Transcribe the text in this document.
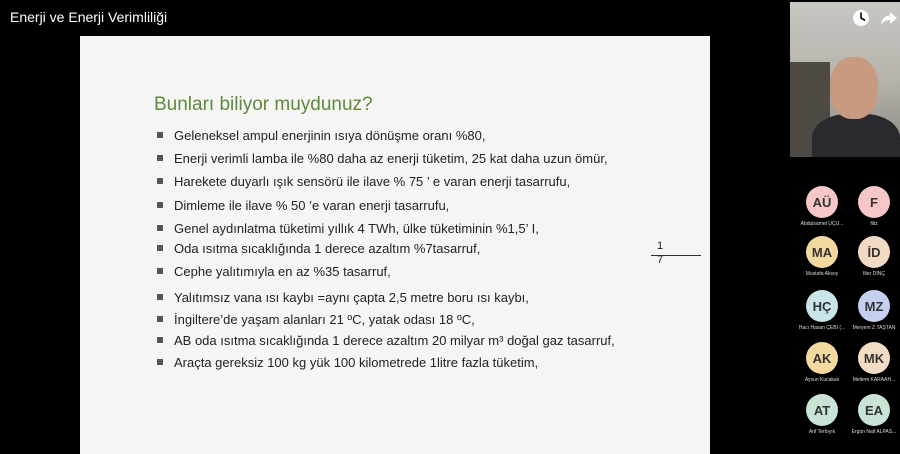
Enerji ve Enerji Verimliliği
Bunları biliyor muydunuz?
Geleneksel ampul enerjinin ısıya dönüşme oranı %80,
Enerji verimli lamba ile %80 daha az enerji tüketim, 25 kat daha uzun ömür,
Harekete duyarlı ışık sensörü ile ilave % 75 ’ e varan enerji tasarrufu,
Dimleme ile ilave % 50 ’e varan enerji tasarrufu,
Genel aydınlatma tüketimi yıllık 4 TWh, ülke tüketiminin %1,5’ I,
Oda ısıtma sıcaklığında 1 derece azaltım %7tasarruf,
Cephe yalıtımıyla en az %35 tasarruf,
Yalıtımsız vana ısı kaybı =aynı çapta 2,5 metre boru ısı kaybı,
İngiltere’de yaşam alanları 21 ºC, yatak odası 18 ºC,
AB oda ısıtma sıcaklığında 1 derece azaltım 20 milyar m³ doğal gaz tasarruf,
Araçta gereksiz 100 kg yük 100 kilometrede 1litre fazla tüketim,
1
7
AÜ
Abdulsamet ÜÇÜ...
F
filiz
MA
Mustafa Aksoy
İD
İlter DİNÇ
HÇ
Hacı Hasan ÇEBİ (...
MZ
Meryem Z.TAŞTAN
AK
Aysun Kucakalı
MK
Meltem KARAAH...
AT
Arif Terbıyık
EA
Ergün Naif ALPAS...
